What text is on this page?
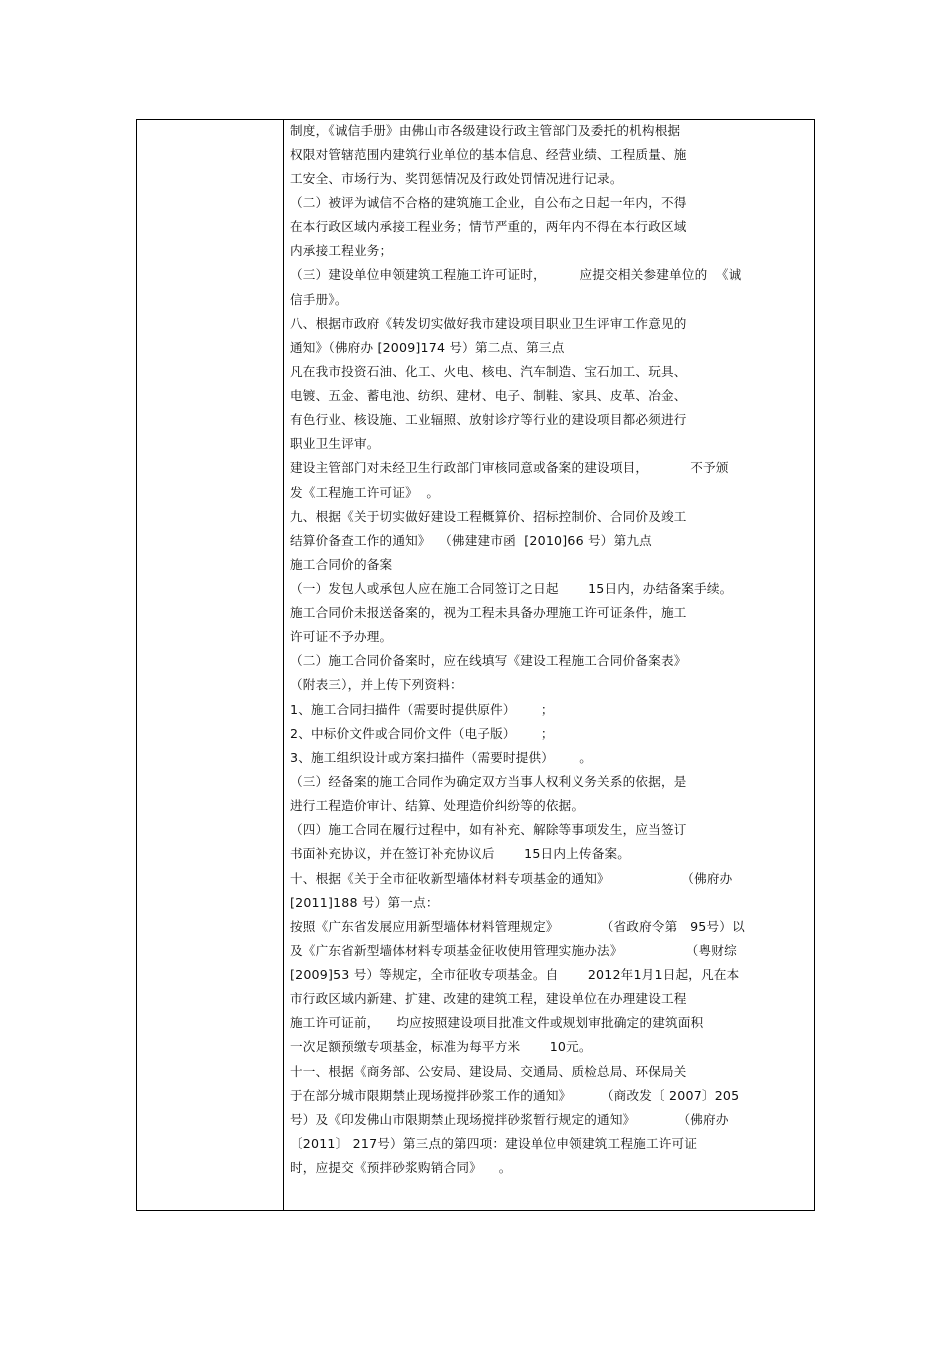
制度，《诚信手册》由佛山市各级建设行政主管部门及委托的机构根据
权限对管辖范围内建筑行业单位的基本信息、经营业绩、工程质量、施
工安全、市场行为、奖罚惩情况及行政处罚情况进行记录。
（二）被评为诚信不合格的建筑施工企业，自公布之日起一年内，不得
在本行政区域内承接工程业务；情节严重的，两年内不得在本行政区域
内承接工程业务；
（三）建设单位申领建筑工程施工许可证时，        应提交相关参建单位的  《诚
信手册》。
八、根据市政府《转发切实做好我市建设项目职业卫生评审工作意见的
通知》（佛府办 [2009]174 号）第二点、第三点
凡在我市投资石油、化工、火电、核电、汽车制造、宝石加工、玩具、
电镀、五金、蓄电池、纺织、建材、电子、制鞋、家具、皮革、冶金、
有色行业、核设施、工业辐照、放射诊疗等行业的建设项目都必须进行
职业卫生评审。
建设主管部门对未经卫生行政部门审核同意或备案的建设项目，          不予颁
发《工程施工许可证》  。
九、根据《关于切实做好建设工程概算价、招标控制价、合同价及竣工
结算价备查工作的通知》  （佛建建市函  [2010]66 号）第九点
施工合同价的备案
（一）发包人或承包人应在施工合同签订之日起       15日内，办结备案手续。
施工合同价未报送备案的，视为工程未具备办理施工许可证条件，施工
许可证不予办理。
（二）施工合同价备案时，应在线填写《建设工程施工合同价备案表》
（附表三），并上传下列资料：
1、施工合同扫描件（需要时提供原件）      ；
2、中标价文件或合同价文件（电子版）      ；
3、施工组织设计或方案扫描件（需要时提供）      。
（三）经备案的施工合同作为确定双方当事人权利义务关系的依据，是
进行工程造价审计、结算、处理造价纠纷等的依据。
（四）施工合同在履行过程中，如有补充、解除等事项发生，应当签订
书面补充协议，并在签订补充协议后       15日内上传备案。
十、根据《关于全市征收新型墙体材料专项基金的通知》                 （佛府办
[2011]188 号）第一点：
按照《广东省发展应用新型墙体材料管理规定》          （省政府令第   95号）以
及《广东省新型墙体材料专项基金征收使用管理实施办法》               （粤财综
[2009]53 号）等规定，全市征收专项基金。自       2012年1月1日起，凡在本
市行政区域内新建、扩建、改建的建筑工程，建设单位在办理建设工程
施工许可证前，    均应按照建设项目批准文件或规划审批确定的建筑面积
一次足额预缴专项基金，标准为每平方米       10元。
十一、根据《商务部、公安局、建设局、交通局、质检总局、环保局关
于在部分城市限期禁止现场搅拌砂浆工作的通知》       （商改发〔 2007〕205
号）及《印发佛山市限期禁止现场搅拌砂浆暂行规定的通知》          （佛府办
〔2011〕 217号）第三点的第四项：建设单位申领建筑工程施工许可证
时，应提交《预拌砂浆购销合同》    。
